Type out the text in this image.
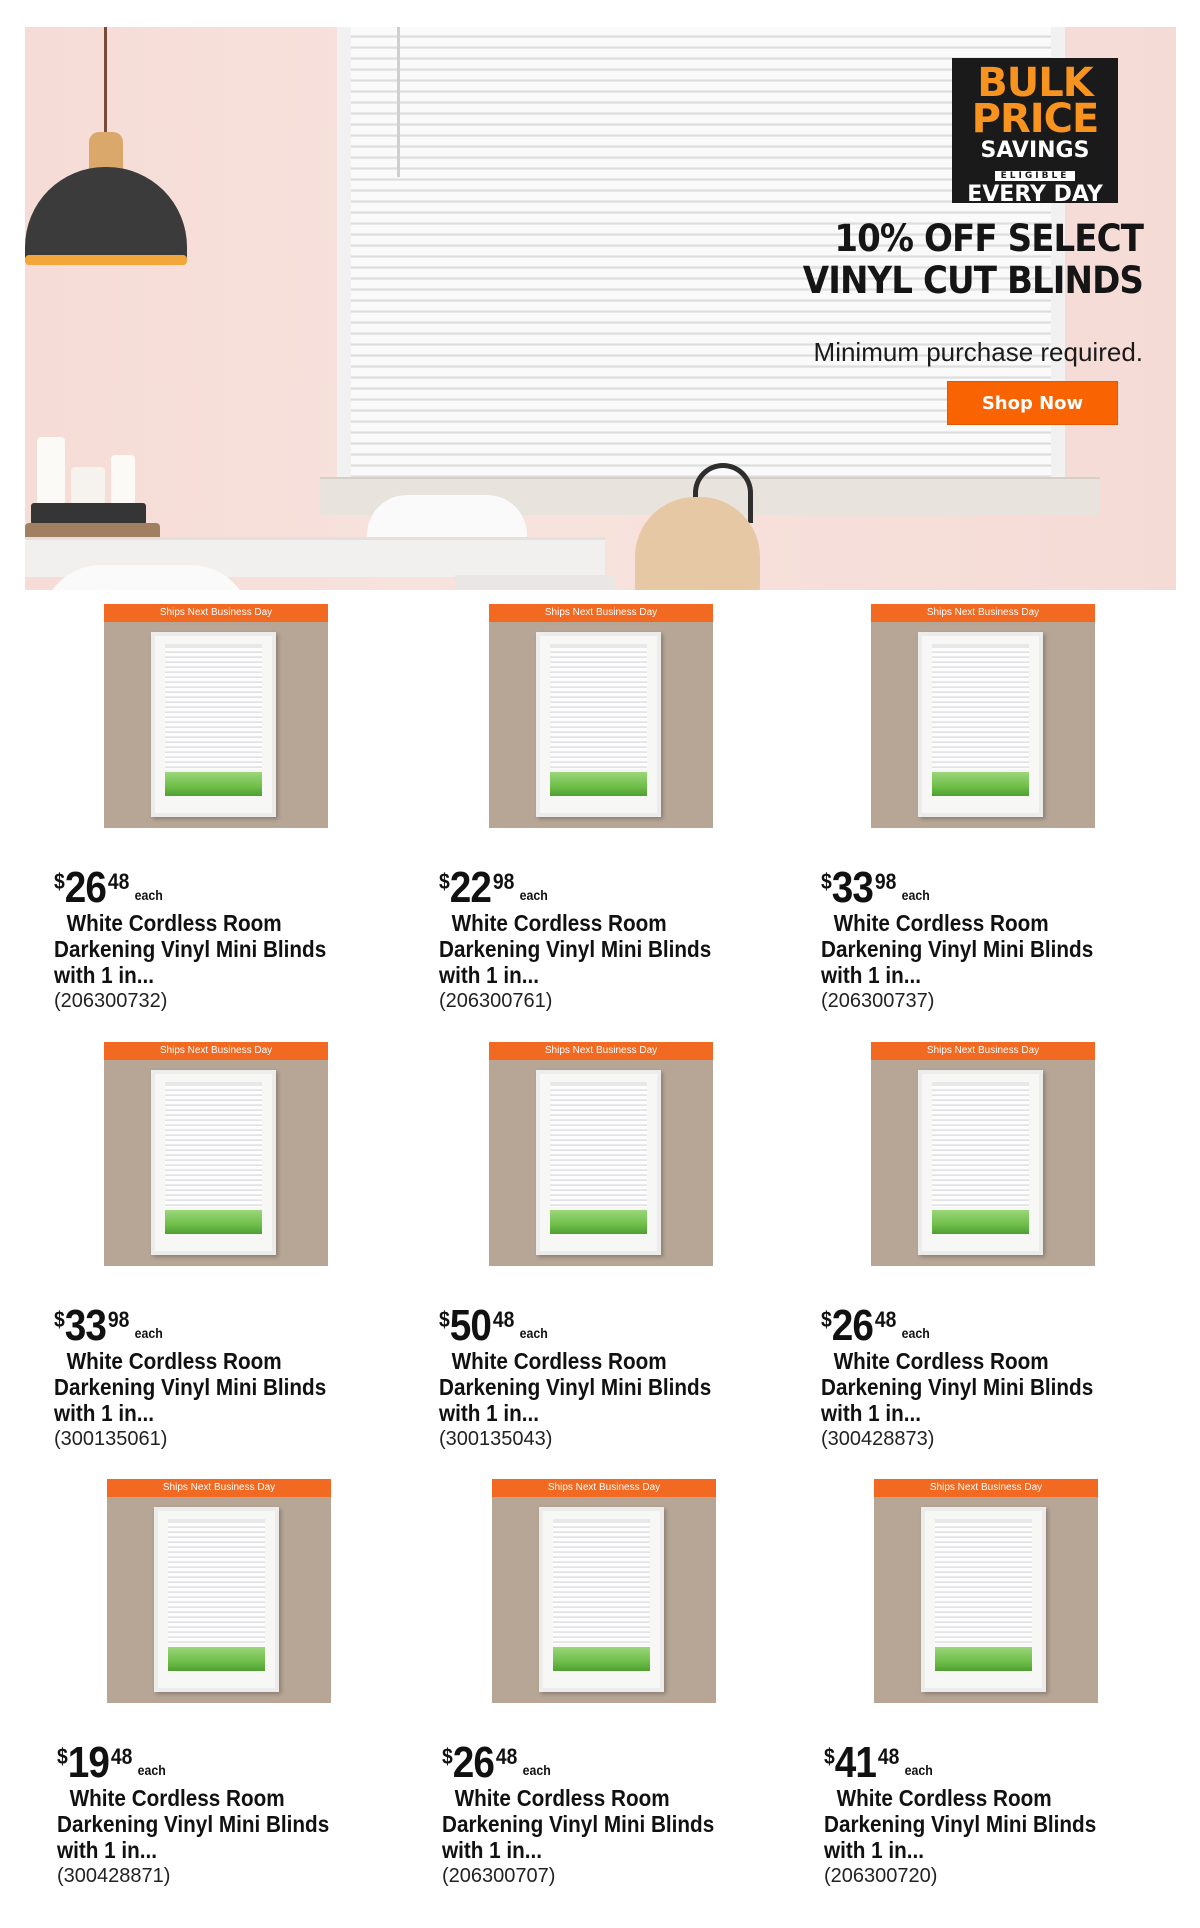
BULK
PRICE
SAVINGS
ELIGIBLE
EVERY DAY
10% OFF SELECT
VINYL CUT BLINDS
Minimum purchase required.
Shop Now
Ships Next Business Day
$2648each
White Cordless Room
Darkening Vinyl Mini Blinds
with 1 in...
(206300732)
Ships Next Business Day
$2298each
White Cordless Room
Darkening Vinyl Mini Blinds
with 1 in...
(206300761)
Ships Next Business Day
$3398each
White Cordless Room
Darkening Vinyl Mini Blinds
with 1 in...
(206300737)
Ships Next Business Day
$3398each
White Cordless Room
Darkening Vinyl Mini Blinds
with 1 in...
(300135061)
Ships Next Business Day
$5048each
White Cordless Room
Darkening Vinyl Mini Blinds
with 1 in...
(300135043)
Ships Next Business Day
$2648each
White Cordless Room
Darkening Vinyl Mini Blinds
with 1 in...
(300428873)
Ships Next Business Day
$1948each
White Cordless Room
Darkening Vinyl Mini Blinds
with 1 in...
(300428871)
Ships Next Business Day
$2648each
White Cordless Room
Darkening Vinyl Mini Blinds
with 1 in...
(206300707)
Ships Next Business Day
$4148each
White Cordless Room
Darkening Vinyl Mini Blinds
with 1 in...
(206300720)
